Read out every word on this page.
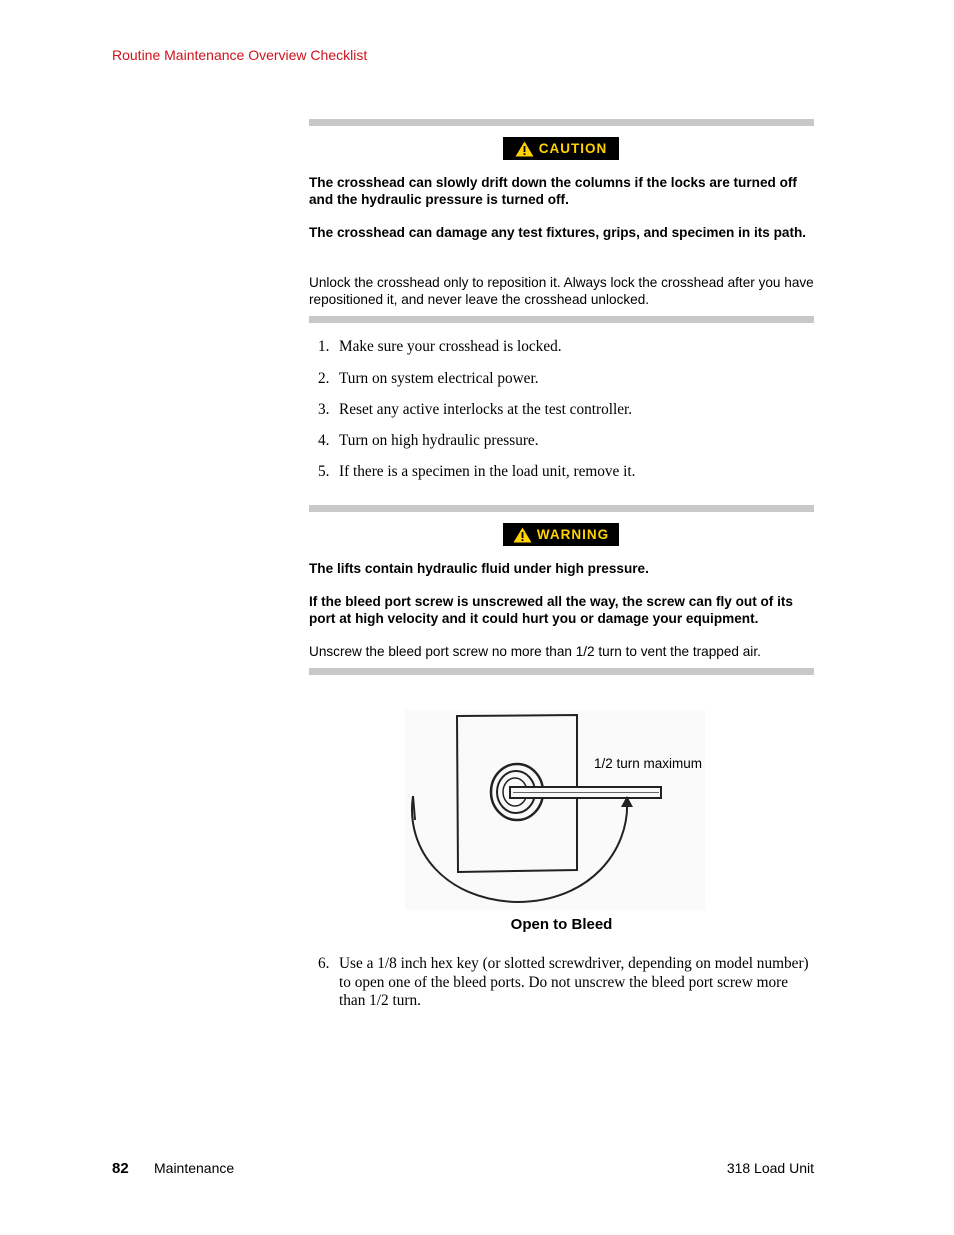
Routine Maintenance Overview Checklist
CAUTION
The crosshead can slowly drift down the columns if the locks are turned off and the hydraulic pressure is turned off.
The crosshead can damage any test fixtures, grips, and specimen in its path.
Unlock the crosshead only to reposition it. Always lock the crosshead after you have repositioned it, and never leave the crosshead unlocked.
1. Make sure your crosshead is locked.
2. Turn on system electrical power.
3. Reset any active interlocks at the test controller.
4. Turn on high hydraulic pressure.
5. If there is a specimen in the load unit, remove it.
WARNING
The lifts contain hydraulic fluid under high pressure.
If the bleed port screw is unscrewed all the way, the screw can fly out of its port at high velocity and it could hurt you or damage your equipment.
Unscrew the bleed port screw no more than 1/2 turn to vent the trapped air.
1/2 turn maximum
Open to Bleed
6. Use a 1/8 inch hex key (or slotted screwdriver, depending on model number) to open one of the bleed ports. Do not unscrew the bleed port screw more than 1/2 turn.
82 Maintenance	318 Load Unit
